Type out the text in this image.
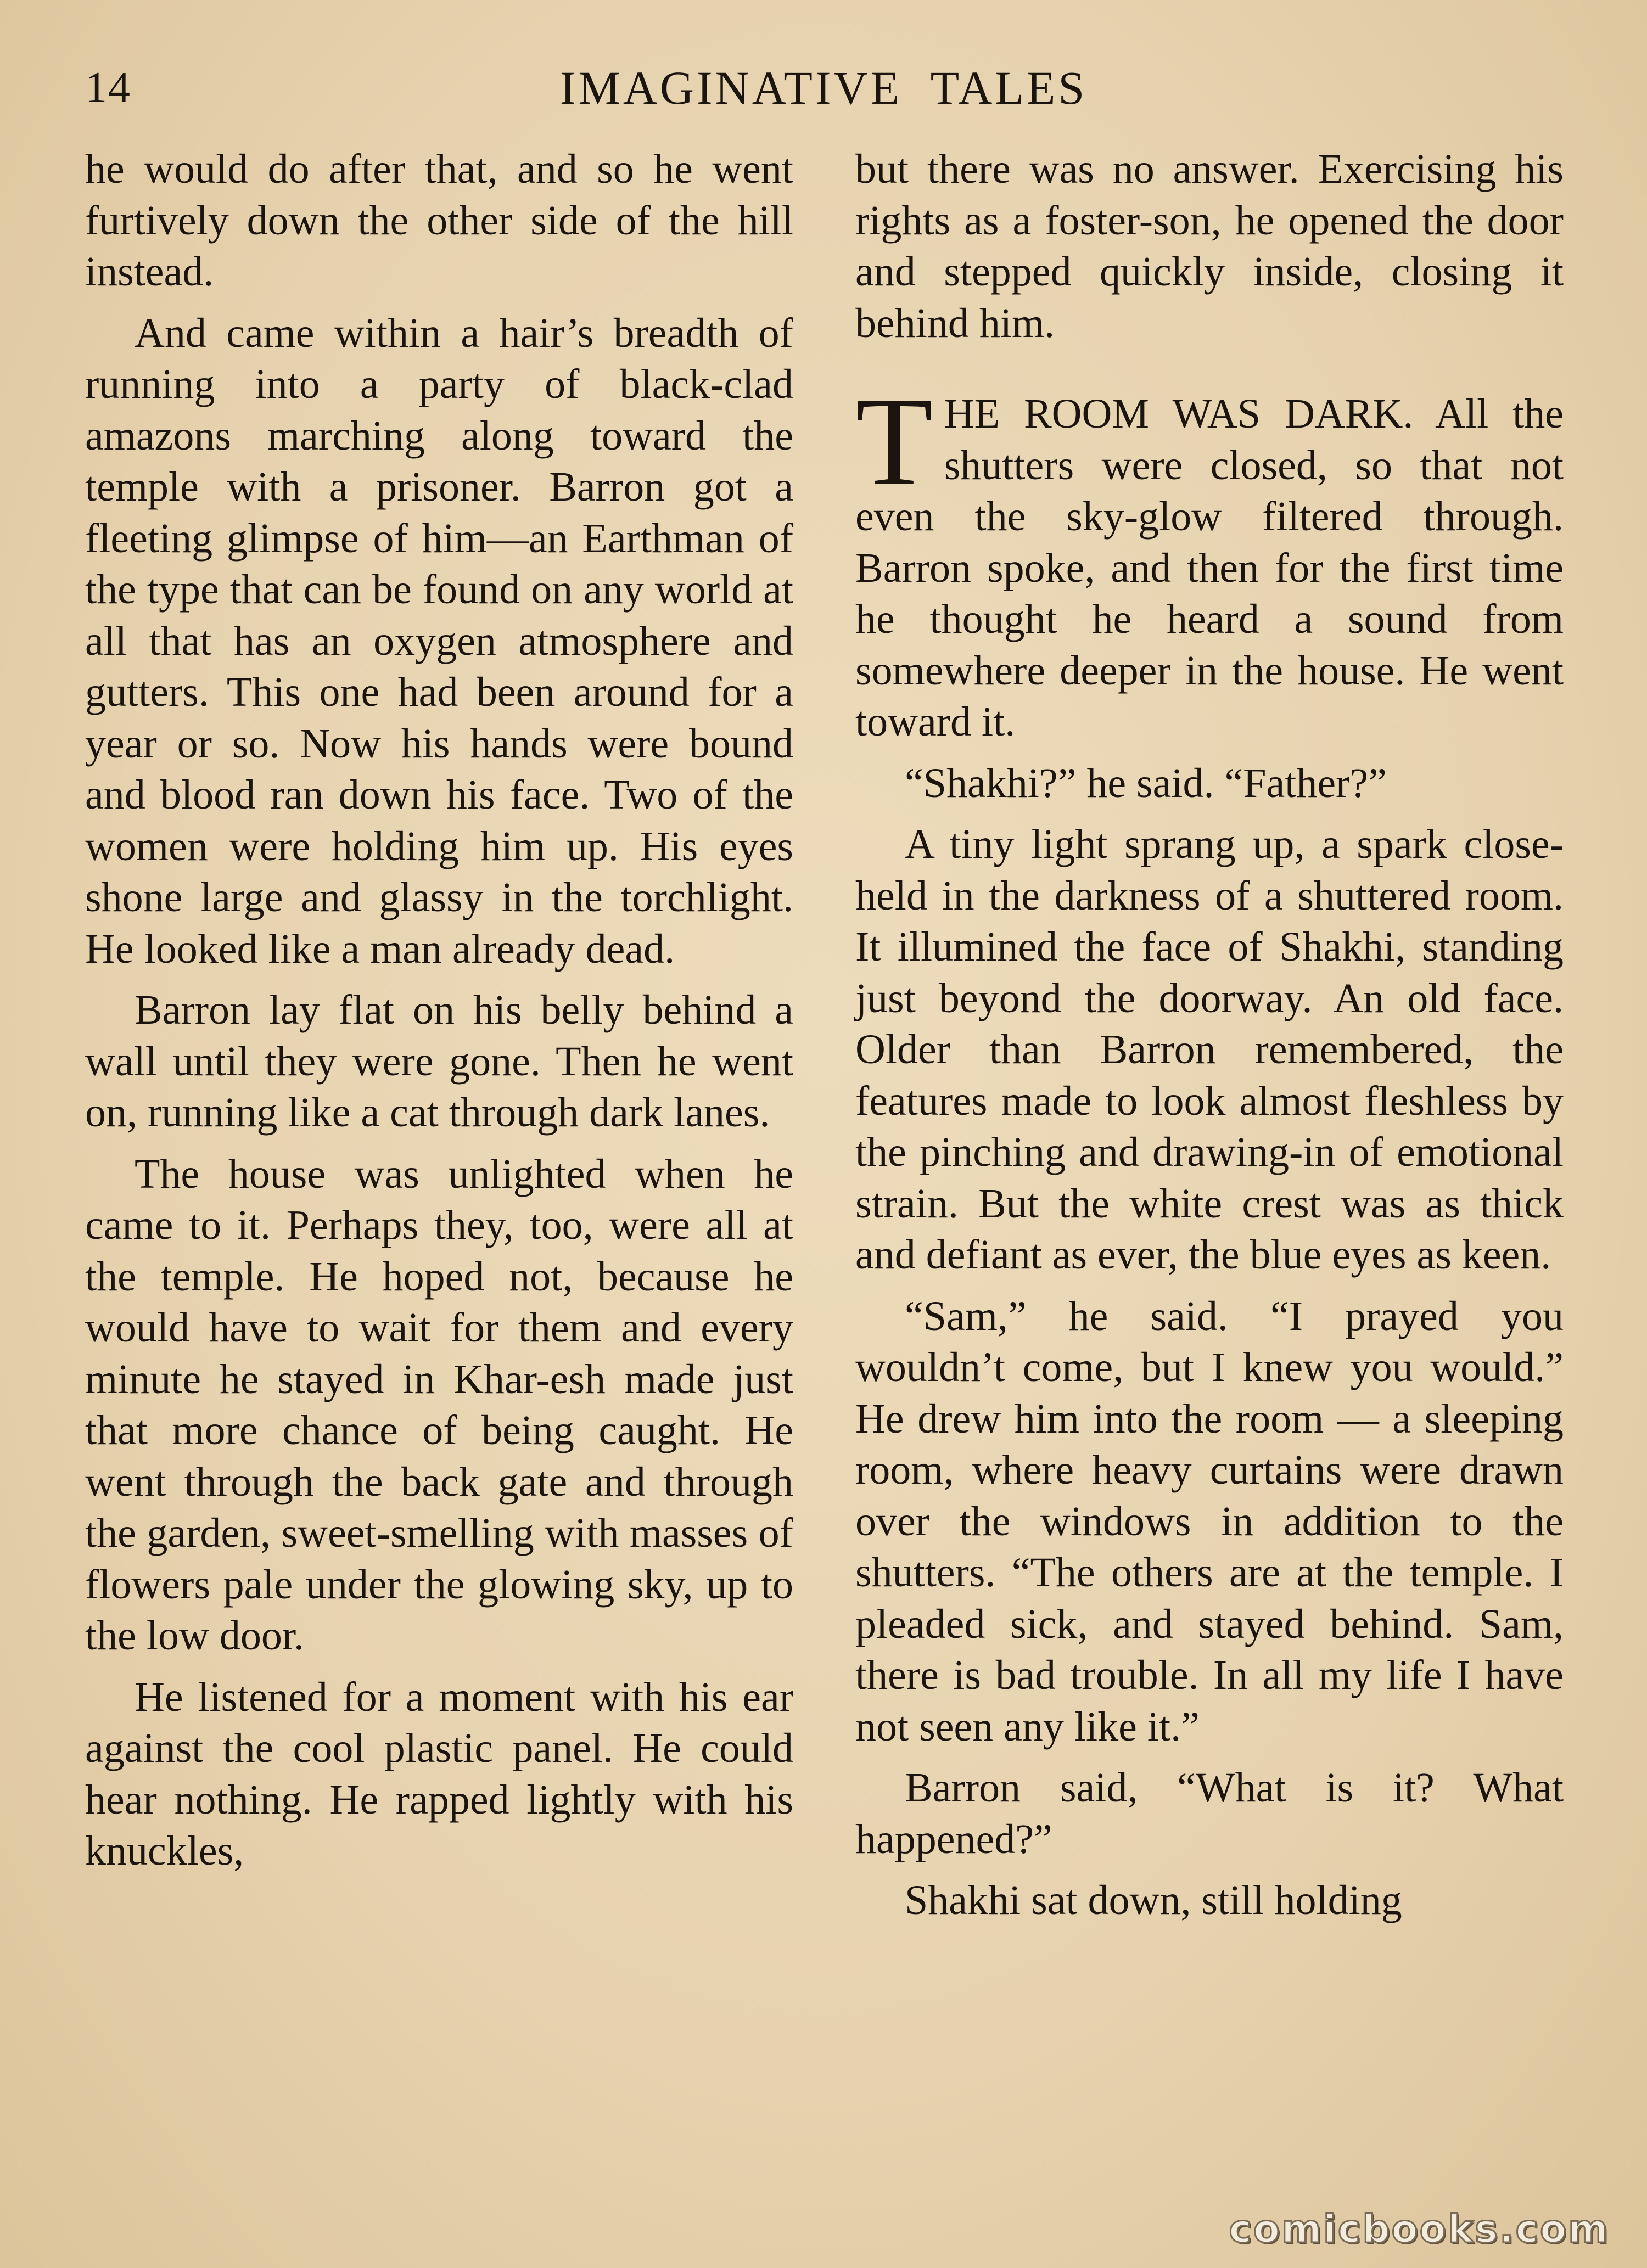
14	IMAGINATIVE  TALES

he would do after that, and so he went furtively down the other side of the hill instead.

And came within a hair’s breadth of running into a party of black-clad amazons marching along toward the temple with a prisoner. Barron got a fleeting glimpse of him—an Earthman of the type that can be found on any world at all that has an oxygen atmosphere and gutters. This one had been around for a year or so. Now his hands were bound and blood ran down his face. Two of the women were holding him up. His eyes shone large and glassy in the torchlight. He looked like a man already dead.

Barron lay flat on his belly behind a wall until they were gone. Then he went on, running like a cat through dark lanes.

The house was unlighted when he came to it. Perhaps they, too, were all at the temple. He hoped not, because he would have to wait for them and every minute he stayed in Khar-esh made just that more chance of being caught. He went through the back gate and through the garden, sweet-smelling with masses of flowers pale under the glowing sky, up to the low door.

He listened for a moment with his ear against the cool plastic panel. He could hear nothing. He rapped lightly with his knuckles,

but there was no answer. Exercising his rights as a foster-son, he opened the door and stepped quickly inside, closing it behind him.

THE ROOM WAS DARK. All the shutters were closed, so that not even the sky-glow filtered through. Barron spoke, and then for the first time he thought he heard a sound from somewhere deeper in the house. He went toward it.

“Shakhi?” he said. “Father?”

A tiny light sprang up, a spark close-held in the darkness of a shuttered room. It illumined the face of Shakhi, standing just beyond the doorway. An old face. Older than Barron remembered, the features made to look almost fleshless by the pinching and drawing-in of emotional strain. But the white crest was as thick and defiant as ever, the blue eyes as keen.

“Sam,” he said. “I prayed you wouldn’t come, but I knew you would.” He drew him into the room — a sleeping room, where heavy curtains were drawn over the windows in addition to the shutters. “The others are at the temple. I pleaded sick, and stayed behind. Sam, there is bad trouble. In all my life I have not seen any like it.”

Barron said, “What is it? What happened?”

Shakhi sat down, still holding

comicbooks.com
